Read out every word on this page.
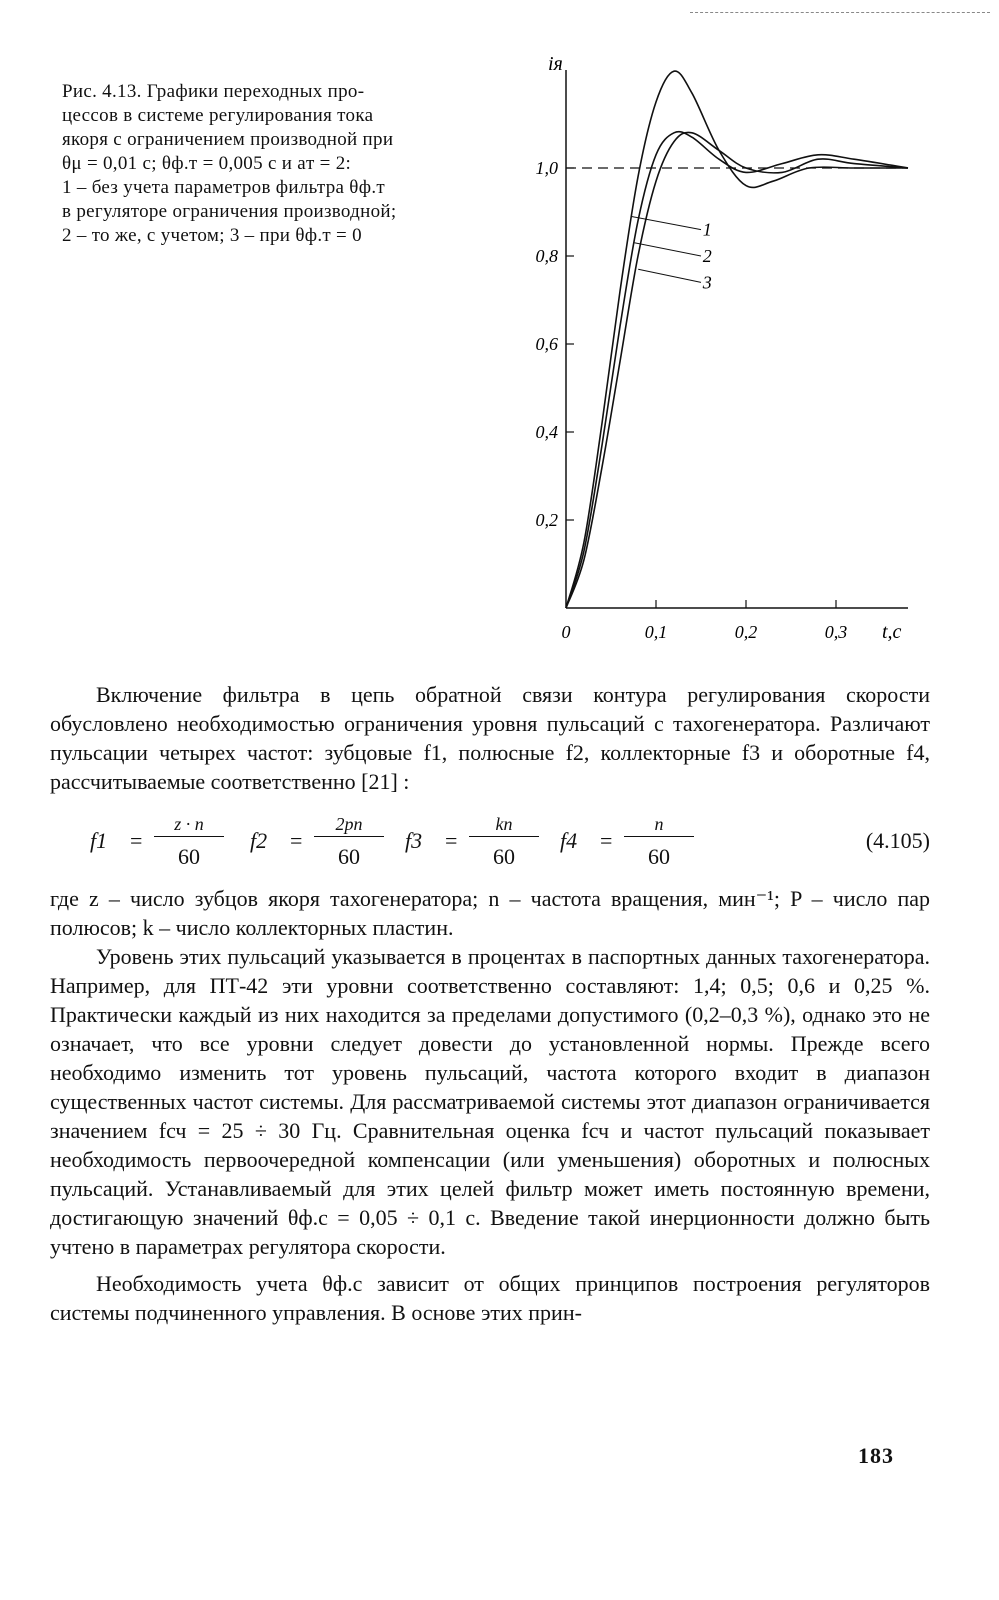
Рис. 4.13. Графики переходных про-
цессов в системе регулирования тока
якоря с ограничением производной при
θμ = 0,01 с; θф.т = 0,005 с и aт = 2:
1 – без учета параметров фильтра θф.т
в регуляторе ограничения производной;
2 – то же, с учетом; 3 – при θф.т = 0
iя
t,c
0,2
0,4
0,6
0,8
1,0
0	0,1	0,2	0,3
1
2
3

Включение фильтра в цепь обратной связи контура регулирования скорости обусловлено необходимостью ограничения уровня пульсаций с тахогенератора. Различают пульсации четырех частот: зубцовые f1, полюсные f2, коллекторные f3 и оборотные f4, рассчитываемые соответственно [21] :

f1 =
z · n
60
f2 =
2pn
60
f3 =
kn
60
f4 =
n
60
(4.105)

где z – число зубцов якоря тахогенератора; n – частота вращения, мин⁻¹; P – число пар полюсов; k – число коллекторных пластин.

Уровень этих пульсаций указывается в процентах в паспортных данных тахогенератора. Например, для ПТ-42 эти уровни соответственно составляют: 1,4; 0,5; 0,6 и 0,25 %. Практически каждый из них находится за пределами допустимого (0,2–0,3 %), однако это не означает, что все уровни следует довести до установленной нормы. Прежде всего необходимо изменить тот уровень пульсаций, частота которого входит в диапазон существенных частот системы. Для рассматриваемой системы этот диапазон ограничивается значением fсч = 25 ÷ 30 Гц. Сравнительная оценка fсч и частот пульсаций показывает необходимость первоочередной компенсации (или уменьшения) оборотных и полюсных пульсаций. Устанавливаемый для этих целей фильтр может иметь постоянную времени, достигающую значений θф.с = 0,05 ÷ 0,1 с. Введение такой инерционности должно быть учтено в параметрах регулятора скорости.

Необходимость учета θф.с зависит от общих принципов построения регуляторов системы подчиненного управления. В основе этих прин-

183
